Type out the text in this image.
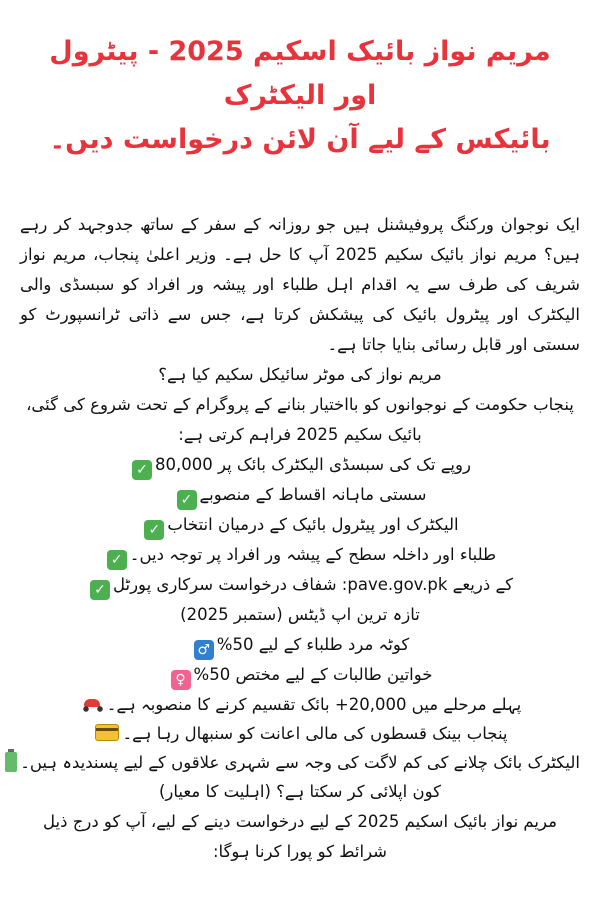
مریم نواز بائیک اسکیم 2025 - پیٹرول اور الیکٹرک
بائیکس کے لیے آن لائن درخواست دیں۔

ایک نوجوان ورکنگ پروفیشنل ہیں جو روزانہ کے سفر کے ساتھ جدوجہد کر رہے ہیں؟ مریم نواز بائیک سکیم 2025 آپ کا حل ہے۔ وزیر اعلیٰ پنجاب، مریم نواز شریف کی طرف سے یہ اقدام اہل طلباء اور پیشہ ور افراد کو سبسڈی والی الیکٹرک اور پیٹرول بائیک کی پیشکش کرتا ہے، جس سے ذاتی ٹرانسپورٹ کو سستی اور قابل رسائی بنایا جاتا ہے۔

مریم نواز کی موٹر سائیکل سکیم کیا ہے؟

پنجاب حکومت کے نوجوانوں کو بااختیار بنانے کے پروگرام کے تحت شروع کی گئی، بائیک سکیم 2025 فراہم کرتی ہے:

روپے تک کی سبسڈی الیکٹرک بائک پر 80,000✓

سستی ماہانہ اقساط کے منصوبے✓

الیکٹرک اور پیٹرول بائیک کے درمیان انتخاب✓

طلباء اور داخلہ سطح کے پیشہ ور افراد پر توجہ دیں۔✓

کے ذریعے pave.gov.pk: شفاف درخواست سرکاری پورٹل✓

تازہ ترین اپ ڈیٹس (ستمبر 2025)

کوٹہ مرد طلباء کے لیے 50%♂

خواتین طالبات کے لیے مختص 50%♀

پہلے مرحلے میں 20,000+ بائک تقسیم کرنے کا منصوبہ ہے۔

پنجاب بینک قسطوں کی مالی اعانت کو سنبھال رہا ہے۔

الیکٹرک بائک چلانے کی کم لاگت کی وجہ سے شہری علاقوں کے لیے پسندیدہ ہیں۔

کون اپلائی کر سکتا ہے؟ (اہلیت کا معیار)

مریم نواز بائیک اسکیم 2025 کے لیے درخواست دینے کے لیے، آپ کو درج ذیل شرائط کو پورا کرنا ہوگا:
